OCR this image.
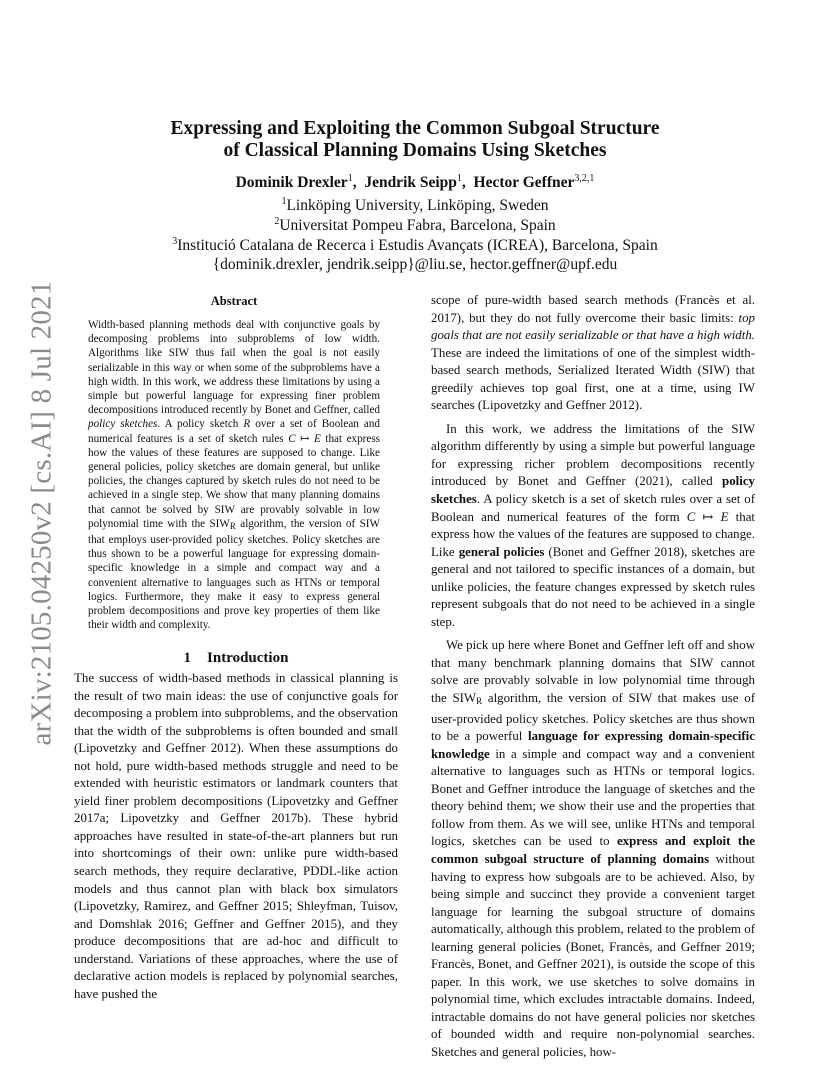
arXiv:2105.04250v2 [cs.AI] 8 Jul 2021
Expressing and Exploiting the Common Subgoal Structure
of Classical Planning Domains Using Sketches

Dominik Drexler$^1$,  Jendrik Seipp$^1$,  Hector Geffner$^{3,2,1}$

$^1$Linköping University, Linköping, Sweden

$^2$Universitat Pompeu Fabra, Barcelona, Spain

$^3$Institució Catalana de Recerca i Estudis Avançats (ICREA), Barcelona, Spain

{dominik.drexler, jendrik.seipp}@liu.se, hector.geffner@upf.edu

Abstract

Width-based planning methods deal with conjunctive goals by decomposing problems into subproblems of low width. Algorithms like SIW thus fail when the goal is not easily serializable in this way or when some of the subproblems have a high width. In this work, we address these limitations by using a simple but powerful language for expressing finer problem decompositions introduced recently by Bonet and Geffner, called policy sketches. A policy sketch R over a set of Boolean and numerical features is a set of sketch rules C ↦ E that express how the values of these features are supposed to change. Like general policies, policy sketches are domain general, but unlike policies, the changes captured by sketch rules do not need to be achieved in a single step. We show that many planning domains that cannot be solved by SIW are provably solvable in low polynomial time with the $SIW_R$ algorithm, the version of SIW that employs user-provided policy sketches. Policy sketches are thus shown to be a powerful language for expressing domain-specific knowledge in a simple and compact way and a convenient alternative to languages such as HTNs or temporal logics. Furthermore, they make it easy to express general problem decompositions and prove key properties of them like their width and complexity.

1 Introduction

The success of width-based methods in classical planning is the result of two main ideas: the use of conjunctive goals for decomposing a problem into subproblems, and the observation that the width of the subproblems is often bounded and small (Lipovetzky and Geffner 2012). When these assumptions do not hold, pure width-based methods struggle and need to be extended with heuristic estimators or landmark counters that yield finer problem decompositions (Lipovetzky and Geffner 2017a; Lipovetzky and Geffner 2017b). These hybrid approaches have resulted in state-of-the-art planners but run into shortcomings of their own: unlike pure width-based search methods, they require declarative, PDDL-like action models and thus cannot plan with black box simulators (Lipovetzky, Ramirez, and Geffner 2015; Shleyfman, Tuisov, and Domshlak 2016; Geffner and Geffner 2015), and they produce decompositions that are ad-hoc and difficult to understand. Variations of these approaches, where the use of declarative action models is replaced by polynomial searches, have pushed the

scope of pure-width based search methods (Francès et al. 2017), but they do not fully overcome their basic limits: top goals that are not easily serializable or that have a high width. These are indeed the limitations of one of the simplest width-based search methods, Serialized Iterated Width (SIW) that greedily achieves top goal first, one at a time, using IW searches (Lipovetzky and Geffner 2012).

In this work, we address the limitations of the SIW algorithm differently by using a simple but powerful language for expressing richer problem decompositions recently introduced by Bonet and Geffner (2021), called policy sketches. A policy sketch is a set of sketch rules over a set of Boolean and numerical features of the form C ↦ E that express how the values of the features are supposed to change. Like general policies (Bonet and Geffner 2018), sketches are general and not tailored to specific instances of a domain, but unlike policies, the feature changes expressed by sketch rules represent subgoals that do not need to be achieved in a single step.

We pick up here where Bonet and Geffner left off and show that many benchmark planning domains that SIW cannot solve are provably solvable in low polynomial time through the $SIW_R$ algorithm, the version of SIW that makes use of user-provided policy sketches. Policy sketches are thus shown to be a powerful language for expressing domain-specific knowledge in a simple and compact way and a convenient alternative to languages such as HTNs or temporal logics. Bonet and Geffner introduce the language of sketches and the theory behind them; we show their use and the properties that follow from them. As we will see, unlike HTNs and temporal logics, sketches can be used to express and exploit the common subgoal structure of planning domains without having to express how subgoals are to be achieved. Also, by being simple and succinct they provide a convenient target language for learning the subgoal structure of domains automatically, although this problem, related to the problem of learning general policies (Bonet, Francès, and Geffner 2019; Francès, Bonet, and Geffner 2021), is outside the scope of this paper. In this work, we use sketches to solve domains in polynomial time, which excludes intractable domains. Indeed, intractable domains do not have general policies nor sketches of bounded width and require non-polynomial searches. Sketches and general policies, how-
